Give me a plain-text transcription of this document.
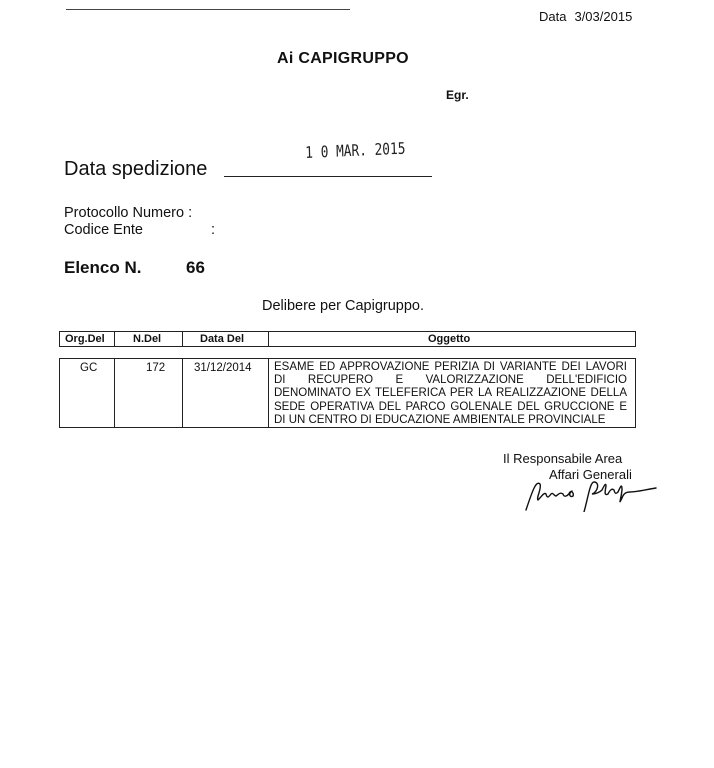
Data 3/03/2015
Ai CAPIGRUPPO
Egr.
1 0 MAR. 2015
Data spedizione
Protocollo Numero :
Codice Ente	:
Elenco N.	66
Delibere per Capigruppo.
Org.Del	N.Del	Data Del	Oggetto
GC	172	31/12/2014 ESAME ED APPROVAZIONE PERIZIA DI VARIANTE DEI LAVORI DI RECUPERO E VALORIZZAZIONE DELL'EDIFICIO DENOMINATO EX TELEFERICA PER LA REALIZZAZIONE DELLA SEDE OPERATIVA DEL PARCO GOLENALE DEL GRUCCIONE E DI UN CENTRO DI EDUCAZIONE AMBIENTALE PROVINCIALE
Il Responsabile Area
Affari Generali
